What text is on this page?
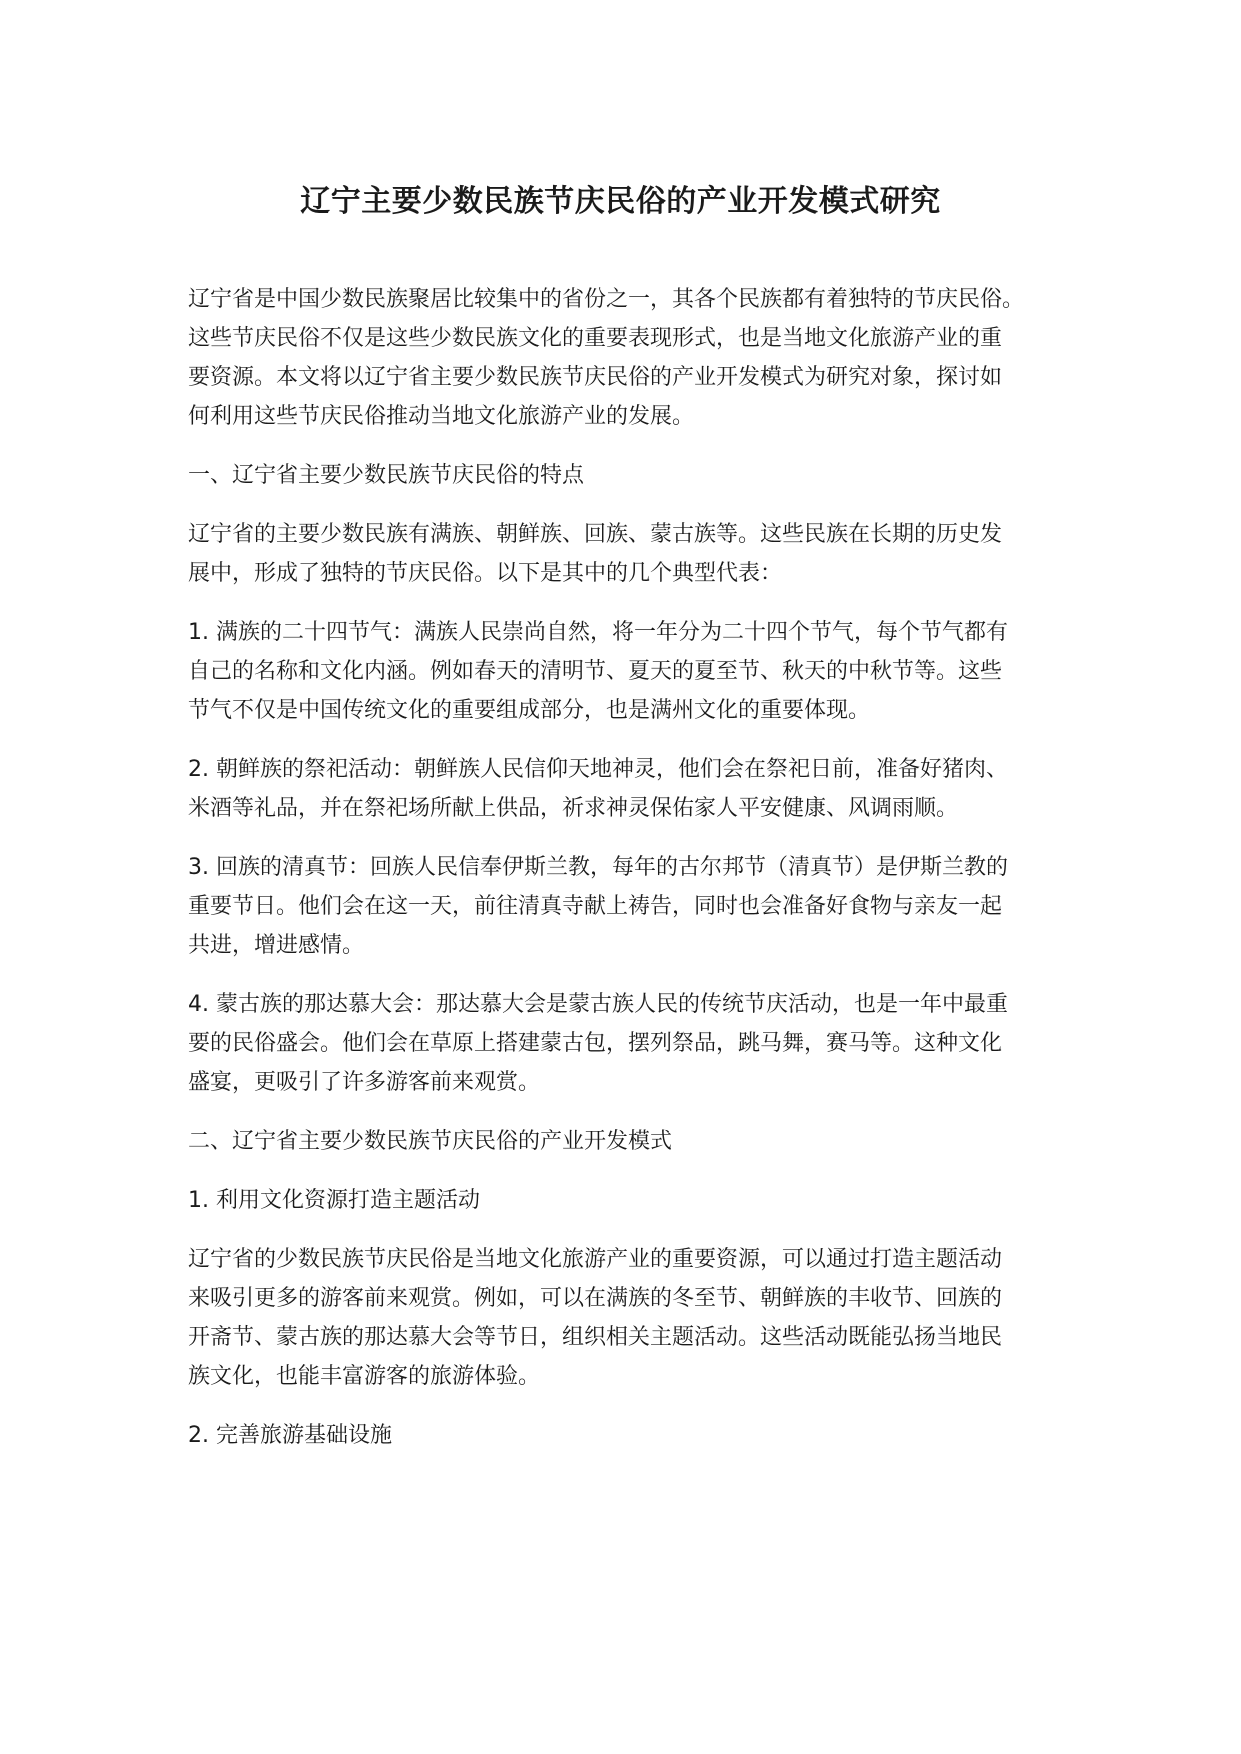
辽宁主要少数民族节庆民俗的产业开发模式研究

辽宁省是中国少数民族聚居比较集中的省份之一，其各个民族都有着独特的节庆民俗。
这些节庆民俗不仅是这些少数民族文化的重要表现形式，也是当地文化旅游产业的重
要资源。本文将以辽宁省主要少数民族节庆民俗的产业开发模式为研究对象，探讨如
何利用这些节庆民俗推动当地文化旅游产业的发展。

一、辽宁省主要少数民族节庆民俗的特点

辽宁省的主要少数民族有满族、朝鲜族、回族、蒙古族等。这些民族在长期的历史发
展中，形成了独特的节庆民俗。以下是其中的几个典型代表：

1. 满族的二十四节气：满族人民崇尚自然，将一年分为二十四个节气，每个节气都有
自己的名称和文化内涵。例如春天的清明节、夏天的夏至节、秋天的中秋节等。这些
节气不仅是中国传统文化的重要组成部分，也是满州文化的重要体现。

2. 朝鲜族的祭祀活动：朝鲜族人民信仰天地神灵，他们会在祭祀日前，准备好猪肉、
米酒等礼品，并在祭祀场所献上供品，祈求神灵保佑家人平安健康、风调雨顺。

3. 回族的清真节：回族人民信奉伊斯兰教，每年的古尔邦节（清真节）是伊斯兰教的
重要节日。他们会在这一天，前往清真寺献上祷告，同时也会准备好食物与亲友一起
共进，增进感情。

4. 蒙古族的那达慕大会：那达慕大会是蒙古族人民的传统节庆活动，也是一年中最重
要的民俗盛会。他们会在草原上搭建蒙古包，摆列祭品，跳马舞，赛马等。这种文化
盛宴，更吸引了许多游客前来观赏。

二、辽宁省主要少数民族节庆民俗的产业开发模式
1. 利用文化资源打造主题活动

辽宁省的少数民族节庆民俗是当地文化旅游产业的重要资源，可以通过打造主题活动
来吸引更多的游客前来观赏。例如，可以在满族的冬至节、朝鲜族的丰收节、回族的
开斋节、蒙古族的那达慕大会等节日，组织相关主题活动。这些活动既能弘扬当地民
族文化，也能丰富游客的旅游体验。

2. 完善旅游基础设施
